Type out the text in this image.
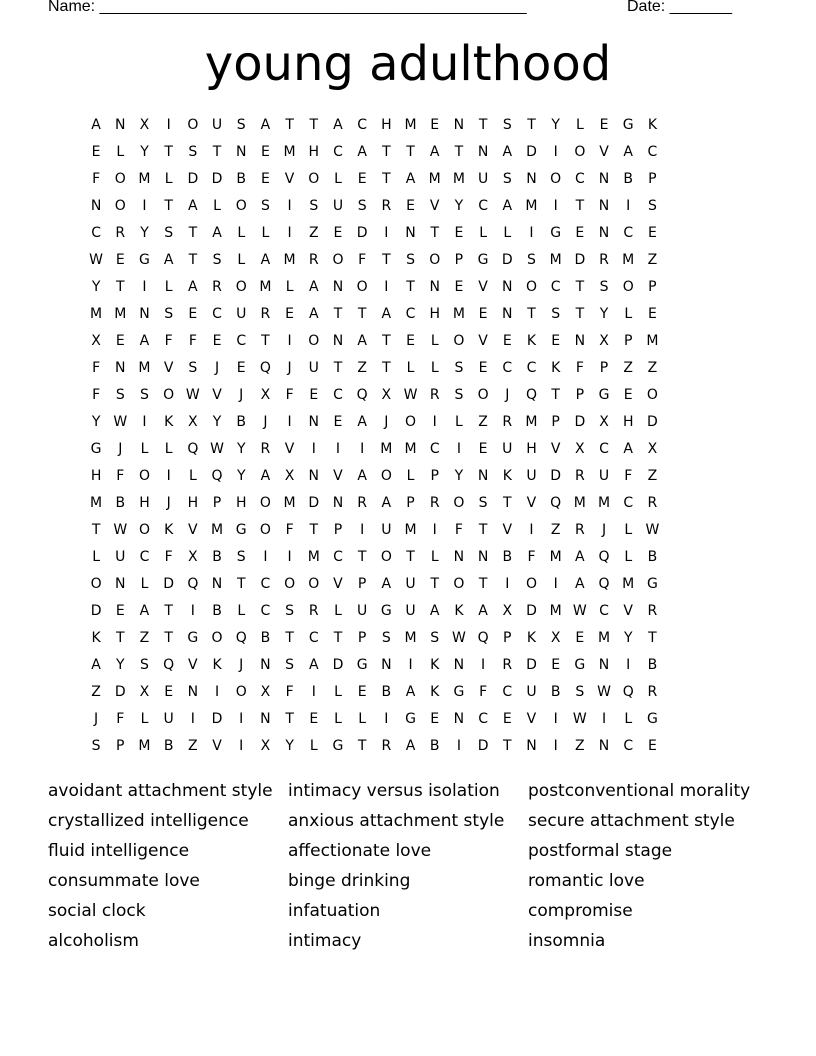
Name: ________________________________________________	Date: _______
young adulthood
A	N	X	I	O U	S	A	T	T	A	C	H M E	N	T	S	T	Y	L	E	G	K
E	L	Y	T	S	T	N	E M H	C	A	T	T	A	T	N	A	D	I	O V	A	C
F	O M	L	D D B	E	V O	L	E	T	A M M U	S	N O C	N	B	P
N O	I	T	A	L	O	S	I	S	U	S	R	E	V	Y	C	A M	I	T	N	I	S
C	R	Y	S	T	A	L	L	I	Z	E	D	I	N	T	E	L	L	I	G	E	N	C	E
W E	G A	T	S	L	A M R O	F	T	S	O	P	G D	S M D R M Z
Y	T	I	L	A	R O M	L	A	N O	I	T	N	E	V	N O C	T	S	O	P
M M N	S	E	C	U	R	E	A	T	T	A	C	H M E	N	T	S	T	Y	L	E
X	E	A	F	F	E	C	T	I	O N	A	T	E	L	O V	E	K	E	N	X	P M
F	N M V	S	J	E	Q	J	U	T	Z	T	L	L	S	E	C	C	K	F	P	Z	Z
F	S	S	O W V	J	X	F	E	C Q X W R	S	O	J	Q	T	P	G	E	O
Y W	I	K	X	Y	B	J	I	N	E	A	J	O	I	L	Z	R M P	D	X	H D
G	J	L	L	Q W Y	R	V	I	I	I	M M C	I	E	U H	V	X	C	A	X
H	F	O	I	L	Q	Y	A	X	N	V	A O	L	P	Y	N	K	U D R	U	F	Z
M B	H	J	H	P	H O M D N	R	A	P	R O	S	T	V Q M M C	R
T W O	K	V M G O	F	T	P	I	U M	I	F	T	V	I	Z	R	J	L W
L	U	C	F	X	B	S	I	I	M C	T	O	T	L	N N	B	F	M A Q	L	B
O N	L	D Q N	T	C O O V	P	A	U	T	O	T	I	O	I	A Q M G
D	E	A	T	I	B	L	C	S	R	L	U G U	A	K	A	X	D M W C	V	R
K	T	Z	T	G O Q B	T	C	T	P	S M S W Q	P	K	X	E M Y	T
A	Y	S	Q V	K	J	N	S	A	D G N	I	K	N	I	R D	E	G N	I	B
Z	D	X	E	N	I	O X	F	I	L	E	B	A	K	G	F	C	U	B	S W Q R
J	F	L	U	I	D	I	N	T	E	L	L	I	G	E	N	C	E	V	I	W	I	L	G
S	P M B	Z	V	I	X	Y	L	G	T	R	A	B	I	D	T	N	I	Z	N	C	E
avoidant attachment style
crystallized intelligence
fluid intelligence
consummate love
social clock
alcoholism
intimacy versus isolation
anxious attachment style
affectionate love
binge drinking
infatuation
intimacy
postconventional morality
secure attachment style
postformal stage
romantic love
compromise
insomnia
